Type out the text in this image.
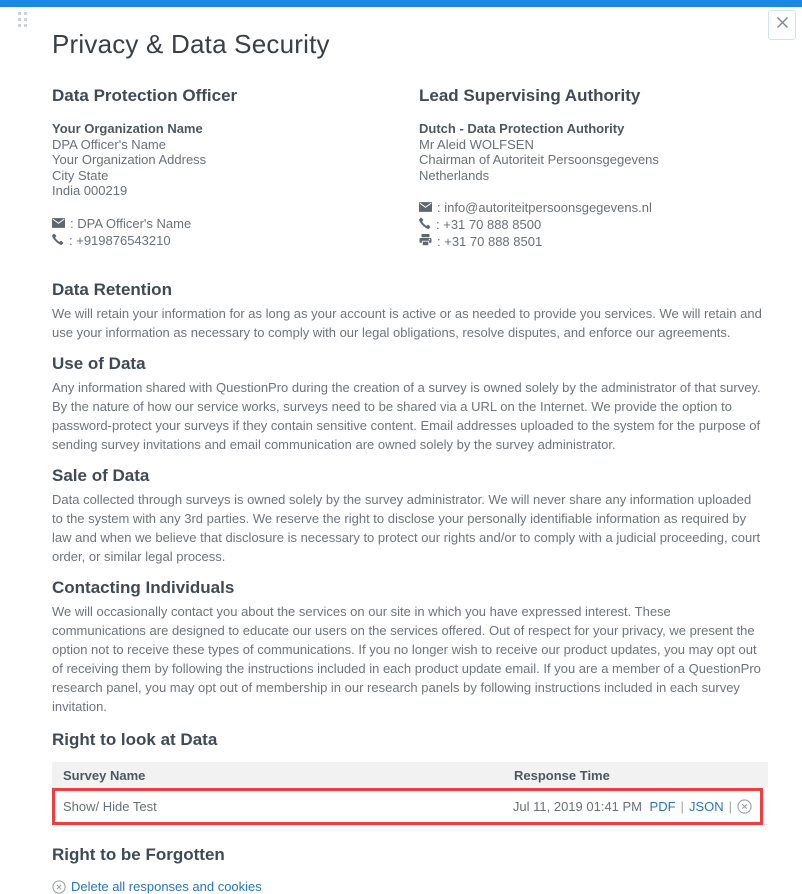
Privacy & Data Security
Data Protection Officer
Your Organization Name
DPA Officer's Name
Your Organization Address
City State
India 000219
: DPA Officer's Name
: +919876543210
Lead Supervising Authority
Dutch - Data Protection Authority
Mr Aleid WOLFSEN
Chairman of Autoriteit Persoonsgegevens
Netherlands
: info@autoriteitpersoonsgegevens.nl
: +31 70 888 8500
: +31 70 888 8501
Data Retention

We will retain your information for as long as your account is active or as needed to provide you services. We will retain and use your information as necessary to comply with our legal obligations, resolve disputes, and enforce our agreements.

Use of Data

Any information shared with QuestionPro during the creation of a survey is owned solely by the administrator of that survey. By the nature of how our service works, surveys need to be shared via a URL on the Internet. We provide the option to password-protect your surveys if they contain sensitive content. Email addresses uploaded to the system for the purpose of sending survey invitations and email communication are owned solely by the survey administrator.

Sale of Data

Data collected through surveys is owned solely by the survey administrator. We will never share any information uploaded to the system with any 3rd parties. We reserve the right to disclose your personally identifiable information as required by law and when we believe that disclosure is necessary to protect our rights and/or to comply with a judicial proceeding, court order, or similar legal process.

Contacting Individuals

We will occasionally contact you about the services on our site in which you have expressed interest. These communications are designed to educate our users on the services offered. Out of respect for your privacy, we present the option not to receive these types of communications. If you no longer wish to receive our product updates, you may opt out of receiving them by following the instructions included in each product update email. If you are a member of a QuestionPro research panel, you may opt out of membership in our research panels by following instructions included in each survey invitation.

Right to look at Data
Survey Name	Response Time
Show/ Hide Test	Jul 11, 2019 01:41 PM PDF | JSON |
Right to be Forgotten
Delete all responses and cookies
